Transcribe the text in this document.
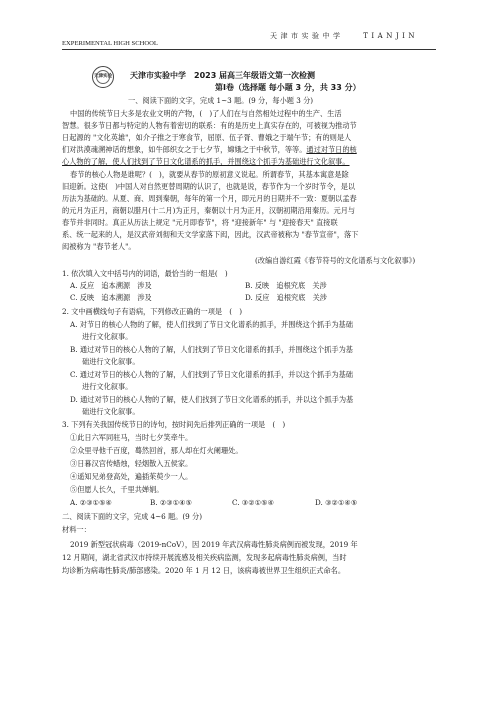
天津市实验中学	TIANJIN
EXPERIMENTAL HIGH SCHOOL
天津实验 天津市实验中学　2023 届高三年级语文第一次检测
第Ⅰ卷（选择题 每小题 3 分，共 33 分）
一、阅读下面的文字，完成 1~3 题。(9 分，每小题 3 分)
中国的传统节日大多是农业文明的产物，(　)了人们在与自然相处过程中的生产、生活
智慧。很多节日都与特定的人物有着密切的联系：有的是历史上真实存在的，可被视为推动节
日起源的 "文化英雄"，如介子推之于寒食节，屈原、伍子胥、曹娥之于端午节；有的则是人
们对洪漠魂溯神话的想象，如牛郎织女之于七夕节，嫦娥之于中秋节，等等。通过对节日的核
心人物的了解，使人们找到了节日文化谱系的抓手，并围绕这个抓手为基础进行文化叙事。
春节的核心人物是谁呢？(　)，就要从春节的原初意义说起。所谓春节，其基本寓意是除
旧迎新。这使(　)中国人对自然更替周期的认识了，也就是说，春节作为一个岁时节令，是以
历法为基础的。从夏、商、周到秦朝，每年的第一个月，即元月的日期并不一致：夏朝以孟春
的元月为正月，商朝以腊月(十二月)为正月，秦朝以十月为正月，汉朝初期沿用秦历。元月与
春节并非同时。真正从历法上规定 "元月即春节"，将 "迎接新年" 与 "迎接春天" 直接联
系、统一起来的人，是汉武帝刘彻和天文学家落下闳，因此，汉武帝被称为 "春节宣帝"，落下
闳被称为 "春节老人"。
(改编自游红霞《春节符号的文化谱系与文化叙事》)
1. 依次填入文中括号内的词语，最恰当的一组是(　)
A. 反应　追本溯源　涉及	B. 反映　追根究底　关涉
C. 反映　追本溯源　涉及	D. 反应　追根究底　关涉
2. 文中画横线句子有语病，下列修改正确的一项是　(　)
A. 对节日的核心人物的了解，使人们找到了节日文化谱系的抓手，并围绕这个抓手为基础
进行文化叙事。
B. 通过对节日的核心人物的了解，人们找到了节日文化谱系的抓手，并围绕这个抓手为基
础进行文化叙事。
C. 通过对节日的核心人物的了解，人们找到了节日文化谱系的抓手，并以这个抓手为基础
进行文化叙事。
D. 通过对节日的核心人物的了解，使人们找到了节日文化谱系的抓手，并以这个抓手为基
础进行文化叙事。
3. 下列有关我国传统节日的诗句，按时间先后排列正确的一项是　(　)
①此日六军同驻马，当时七夕笑牵牛。
②众里寻他千百度，蓦然回首，那人却在灯火阑珊处。
③日暮汉宫传蜡烛，轻烟散入五侯家。
④遥知兄弟登高处，遍插茱萸少一人。
⑤但愿人长久，千里共婵娟。
A. ②③①⑤④	B. ②③①④⑤	C. ③②①⑤④	D. ③②①④⑤
二、阅读下面的文字，完成 4~6 题。(9 分)
材料一：
2019 新型冠状病毒（2019-nCoV），因 2019 年武汉病毒性肺炎病例而被发现，2019 年
12 月期间，湖北省武汉市持续开展流感及相关疾病监测，发现多起病毒性肺炎病例，当时
均诊断为病毒性肺炎/肺部感染。2020 年 1 月 12 日，该病毒被世界卫生组织正式命名。
